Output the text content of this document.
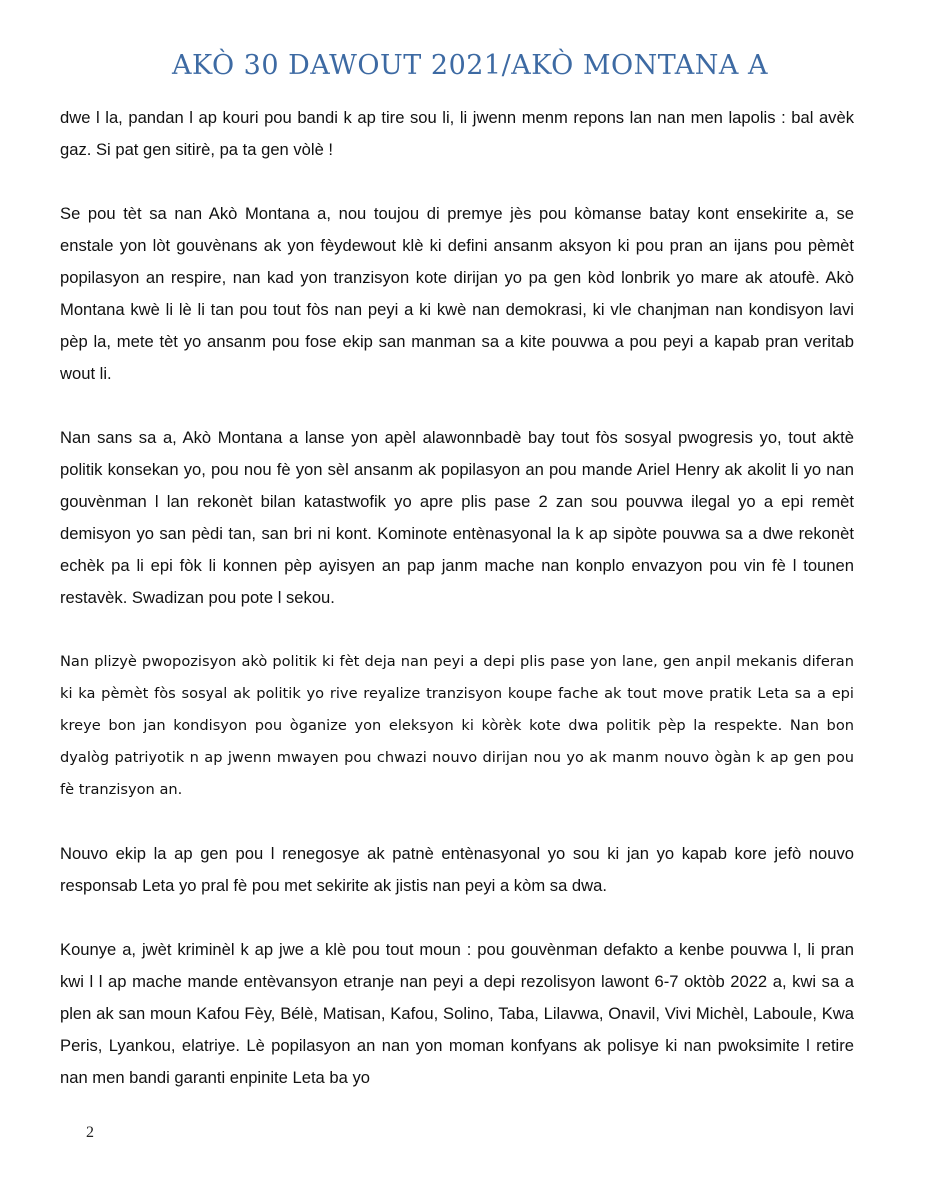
AKÒ 30 DAWOUT 2021/AKÒ MONTANA A

dwe l la, pandan l ap kouri pou bandi k ap tire sou li, li jwenn menm repons lan nan men lapolis : bal avèk gaz. Si pat gen sitirè, pa ta gen vòlè !

Se pou tèt sa nan Akò Montana a, nou toujou di premye jès pou kòmanse batay kont ensekirite a, se enstale yon lòt gouvènans ak yon fèydewout klè ki defini ansanm aksyon ki pou pran an ijans pou pèmèt popilasyon an respire, nan kad yon tranzisyon kote dirijan yo pa gen kòd lonbrik yo mare ak atoufè. Akò Montana kwè li lè li tan pou tout fòs nan peyi a ki kwè nan demokrasi, ki vle chanjman nan kondisyon lavi pèp la, mete tèt yo ansanm pou fose ekip san manman sa a kite pouvwa a pou peyi a kapab pran veritab wout li.

Nan sans sa a, Akò Montana a lanse yon apèl alawonnbadè bay tout fòs sosyal pwogresis yo, tout aktè politik konsekan yo, pou nou fè yon sèl ansanm ak popilasyon an pou mande Ariel Henry ak akolit li yo nan gouvènman l lan rekonèt bilan katastwofik yo apre plis pase 2 zan sou pouvwa ilegal yo a epi remèt demisyon yo san pèdi tan, san bri ni kont. Kominote entènasyonal la k ap sipòte pouvwa sa a dwe rekonèt echèk pa li epi fòk li konnen pèp ayisyen an pap janm mache nan konplo envazyon pou vin fè l tounen restavèk. Swadizan pou pote l sekou.

Nan plizyè pwopozisyon akò politik ki fèt deja nan peyi a depi plis pase yon lane, gen anpil mekanis diferan ki ka pèmèt fòs sosyal ak politik yo rive reyalize tranzisyon koupe fache ak tout move pratik Leta sa a epi kreye bon jan kondisyon pou òganize yon eleksyon ki kòrèk kote dwa politik pèp la respekte. Nan bon dyalòg patriyotik n ap jwenn mwayen pou chwazi nouvo dirijan nou yo ak manm nouvo ògàn k ap gen pou fè tranzisyon an.

Nouvo ekip la ap gen pou l renegosye ak patnè entènasyonal yo sou ki jan yo kapab kore jefò nouvo responsab Leta yo pral fè pou met sekirite ak jistis nan peyi a kòm sa dwa.

Kounye a, jwèt kriminèl k ap jwe a klè pou tout moun : pou gouvènman defakto a kenbe pouvwa l, li pran kwi l l ap mache mande entèvansyon etranje nan peyi a depi rezolisyon lawont 6-7 oktòb 2022 a, kwi sa a plen ak san moun Kafou Fèy, Bélè, Matisan, Kafou, Solino, Taba, Lilavwa, Onavil, Vivi Michèl, Laboule, Kwa Peris, Lyankou, elatriye. Lè popilasyon an nan yon moman konfyans ak polisye ki nan pwoksimite l retire nan men bandi garanti enpinite Leta ba yo

2
